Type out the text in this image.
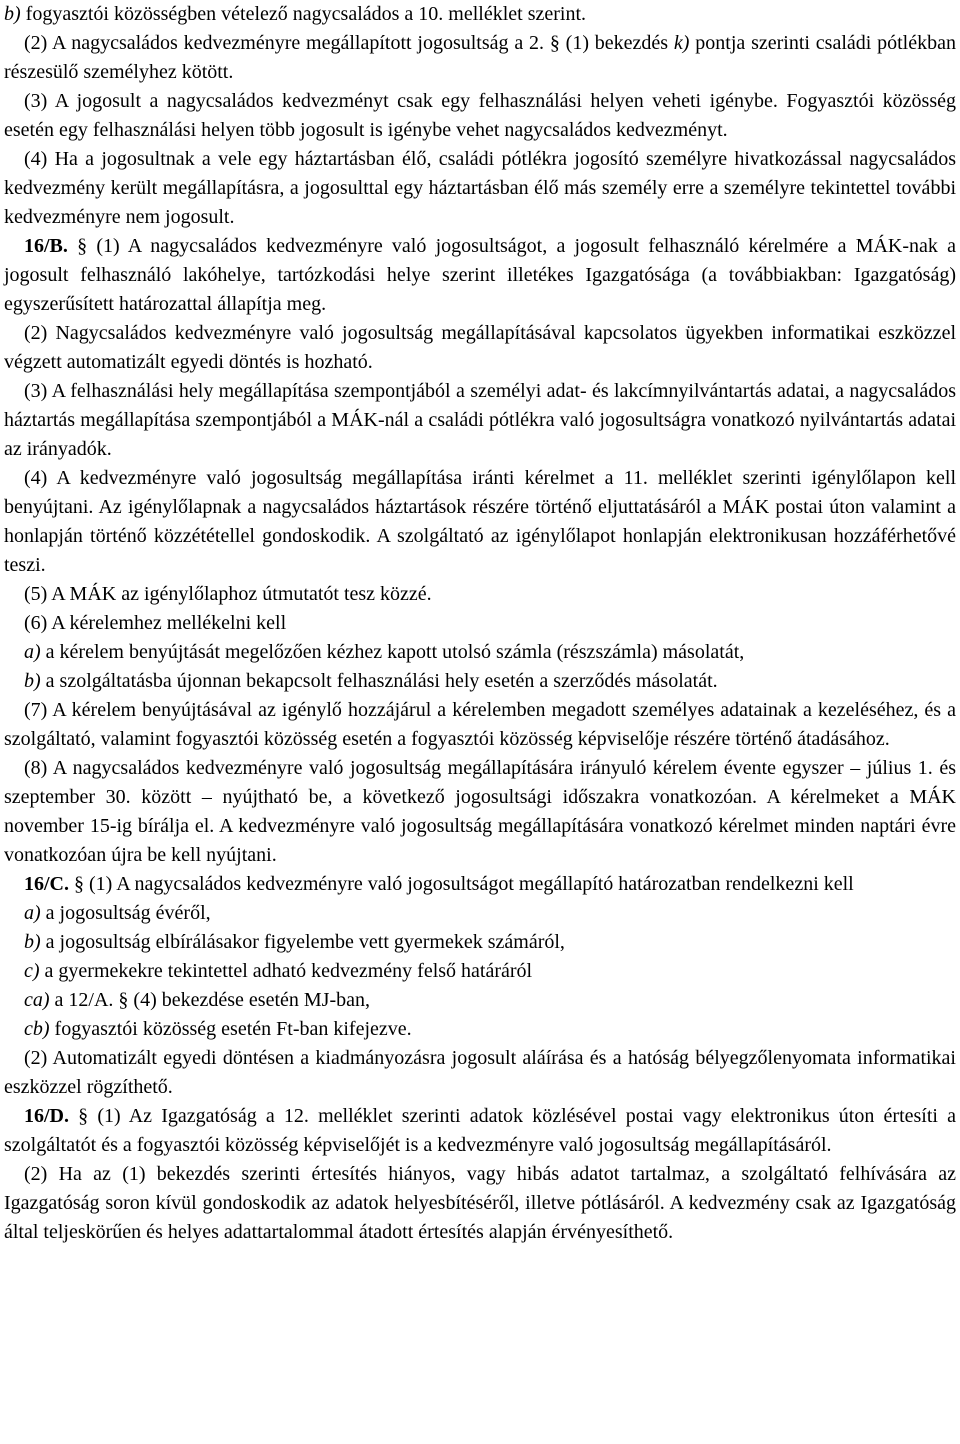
b) fogyasztói közösségben vételező nagycsaládos a 10. melléklet szerint.

(2) A nagycsaládos kedvezményre megállapított jogosultság a 2. § (1) bekezdés k) pontja szerinti családi pótlékban részesülő személyhez kötött.

(3) A jogosult a nagycsaládos kedvezményt csak egy felhasználási helyen veheti igénybe. Fogyasztói közösség esetén egy felhasználási helyen több jogosult is igénybe vehet nagycsaládos kedvezményt.

(4) Ha a jogosultnak a vele egy háztartásban élő, családi pótlékra jogosító személyre hivatkozással nagycsaládos kedvezmény került megállapításra, a jogosulttal egy háztartásban élő más személy erre a személyre tekintettel további kedvezményre nem jogosult.

16/B. § (1) A nagycsaládos kedvezményre való jogosultságot, a jogosult felhasználó kérelmére a MÁK-nak a jogosult felhasználó lakóhelye, tartózkodási helye szerint illetékes Igazgatósága (a továbbiakban: Igazgatóság) egyszerűsített határozattal állapítja meg.

(2) Nagycsaládos kedvezményre való jogosultság megállapításával kapcsolatos ügyekben informatikai eszközzel végzett automatizált egyedi döntés is hozható.

(3) A felhasználási hely megállapítása szempontjából a személyi adat- és lakcímnyilvántartás adatai, a nagycsaládos háztartás megállapítása szempontjából a MÁK-nál a családi pótlékra való jogosultságra vonatkozó nyilvántartás adatai az irányadók.

(4) A kedvezményre való jogosultság megállapítása iránti kérelmet a 11. melléklet szerinti igénylőlapon kell benyújtani. Az igénylőlapnak a nagycsaládos háztartások részére történő eljuttatásáról a MÁK postai úton valamint a honlapján történő közzététellel gondoskodik. A szolgáltató az igénylőlapot honlapján elektronikusan hozzáférhetővé teszi.

(5) A MÁK az igénylőlaphoz útmutatót tesz közzé.

(6) A kérelemhez mellékelni kell

a) a kérelem benyújtását megelőzően kézhez kapott utolsó számla (részszámla) másolatát,

b) a szolgáltatásba újonnan bekapcsolt felhasználási hely esetén a szerződés másolatát.

(7) A kérelem benyújtásával az igénylő hozzájárul a kérelemben megadott személyes adatainak a kezeléséhez, és a szolgáltató, valamint fogyasztói közösség esetén a fogyasztói közösség képviselője részére történő átadásához.

(8) A nagycsaládos kedvezményre való jogosultság megállapítására irányuló kérelem évente egyszer – július 1. és szeptember 30. között – nyújtható be, a következő jogosultsági időszakra vonatkozóan. A kérelmeket a MÁK november 15-ig bírálja el. A kedvezményre való jogosultság megállapítására vonatkozó kérelmet minden naptári évre vonatkozóan újra be kell nyújtani.

16/C. § (1) A nagycsaládos kedvezményre való jogosultságot megállapító határozatban rendelkezni kell

a) a jogosultság évéről,

b) a jogosultság elbírálásakor figyelembe vett gyermekek számáról,

c) a gyermekekre tekintettel adható kedvezmény felső határáról

ca) a 12/A. § (4) bekezdése esetén MJ-ban,

cb) fogyasztói közösség esetén Ft-ban kifejezve.

(2) Automatizált egyedi döntésen a kiadmányozásra jogosult aláírása és a hatóság bélyegzőlenyomata informatikai eszközzel rögzíthető.

16/D. § (1) Az Igazgatóság a 12. melléklet szerinti adatok közlésével postai vagy elektronikus úton értesíti a szolgáltatót és a fogyasztói közösség képviselőjét is a kedvezményre való jogosultság megállapításáról.

(2) Ha az (1) bekezdés szerinti értesítés hiányos, vagy hibás adatot tartalmaz, a szolgáltató felhívására az Igazgatóság soron kívül gondoskodik az adatok helyesbítéséről, illetve pótlásáról. A kedvezmény csak az Igazgatóság által teljeskörűen és helyes adattartalommal átadott értesítés alapján érvényesíthető.
